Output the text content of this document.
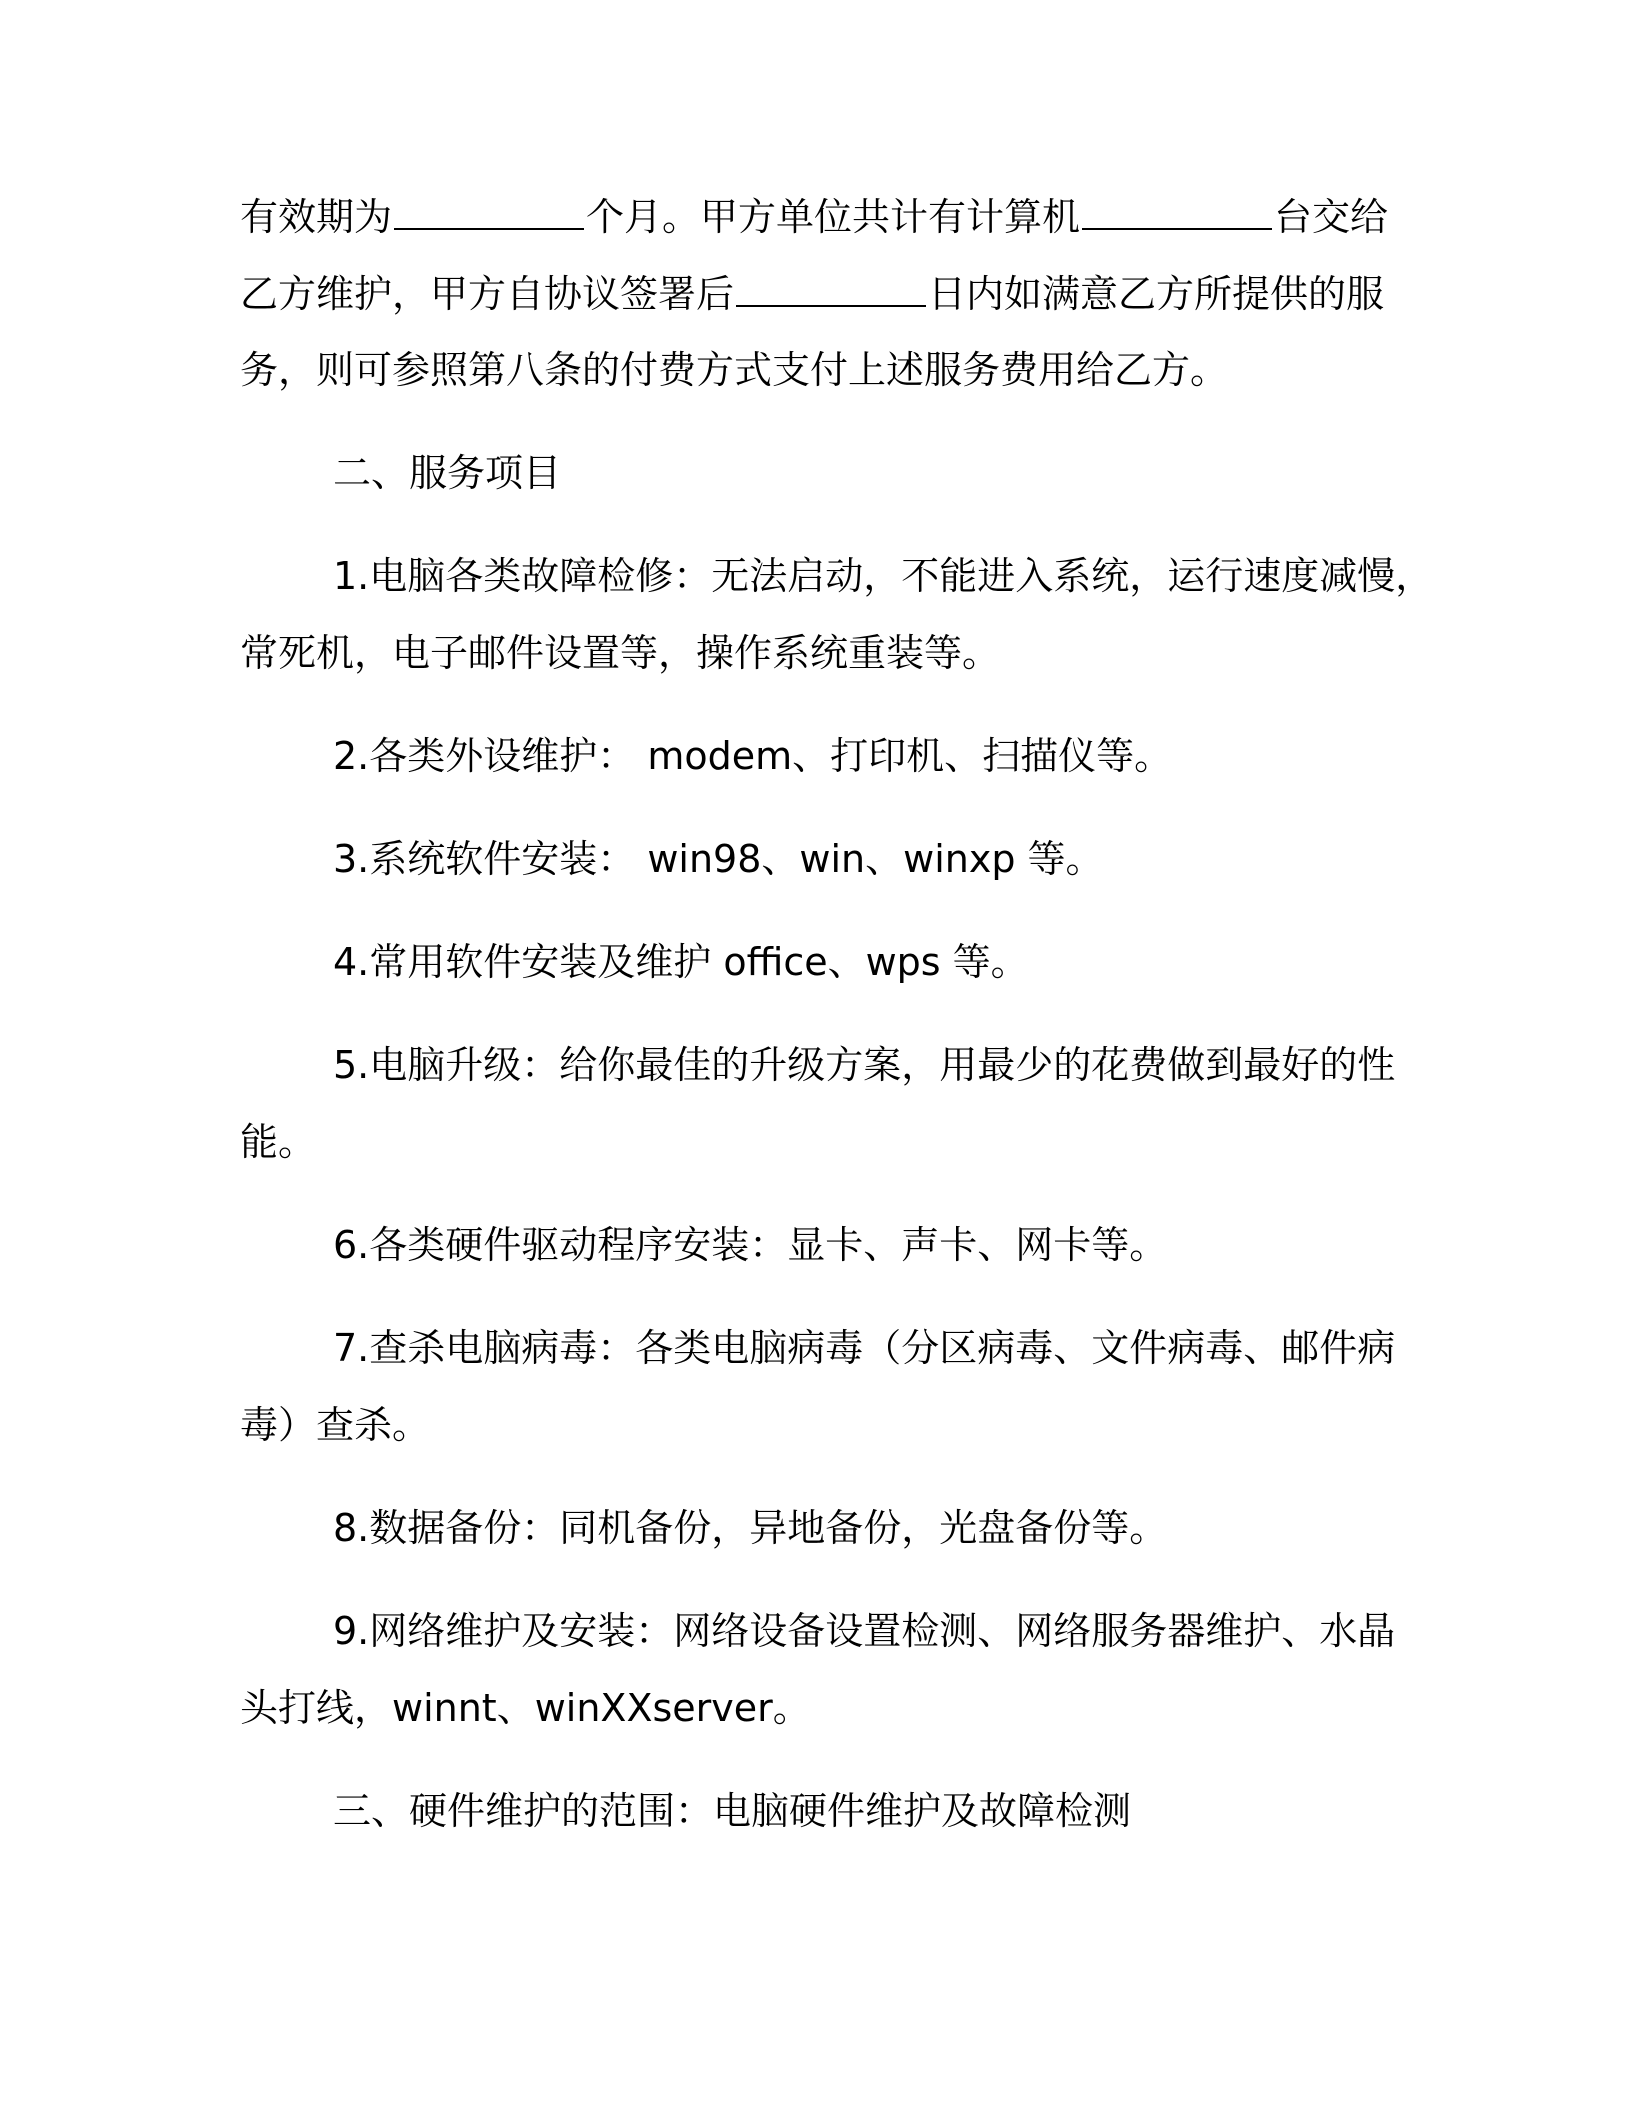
有效期为	个月。甲方单位共计有计算机	台交给
乙方维护，甲方自协议签署后	日内如满意乙方所提供的服
务，则可参照第八条的付费方式支付上述服务费用给乙方。
二、服务项目
1.电脑各类故障检修：无法启动，不能进入系统，运行速度减慢，
常死机，电子邮件设置等，操作系统重装等。
2.各类外设维护： modem、打印机、扫描仪等。
3.系统软件安装： win98、win、winxp 等。
4.常用软件安装及维护 office、wps 等。
5.电脑升级：给你最佳的升级方案，用最少的花费做到最好的性
能。
6.各类硬件驱动程序安装：显卡、声卡、网卡等。
7.查杀电脑病毒：各类电脑病毒（分区病毒、文件病毒、邮件病
毒）查杀。
8.数据备份：同机备份，异地备份，光盘备份等。
9.网络维护及安装：网络设备设置检测、网络服务器维护、水晶
头打线，winnt、winXXserver。
三、硬件维护的范围：电脑硬件维护及故障检测
